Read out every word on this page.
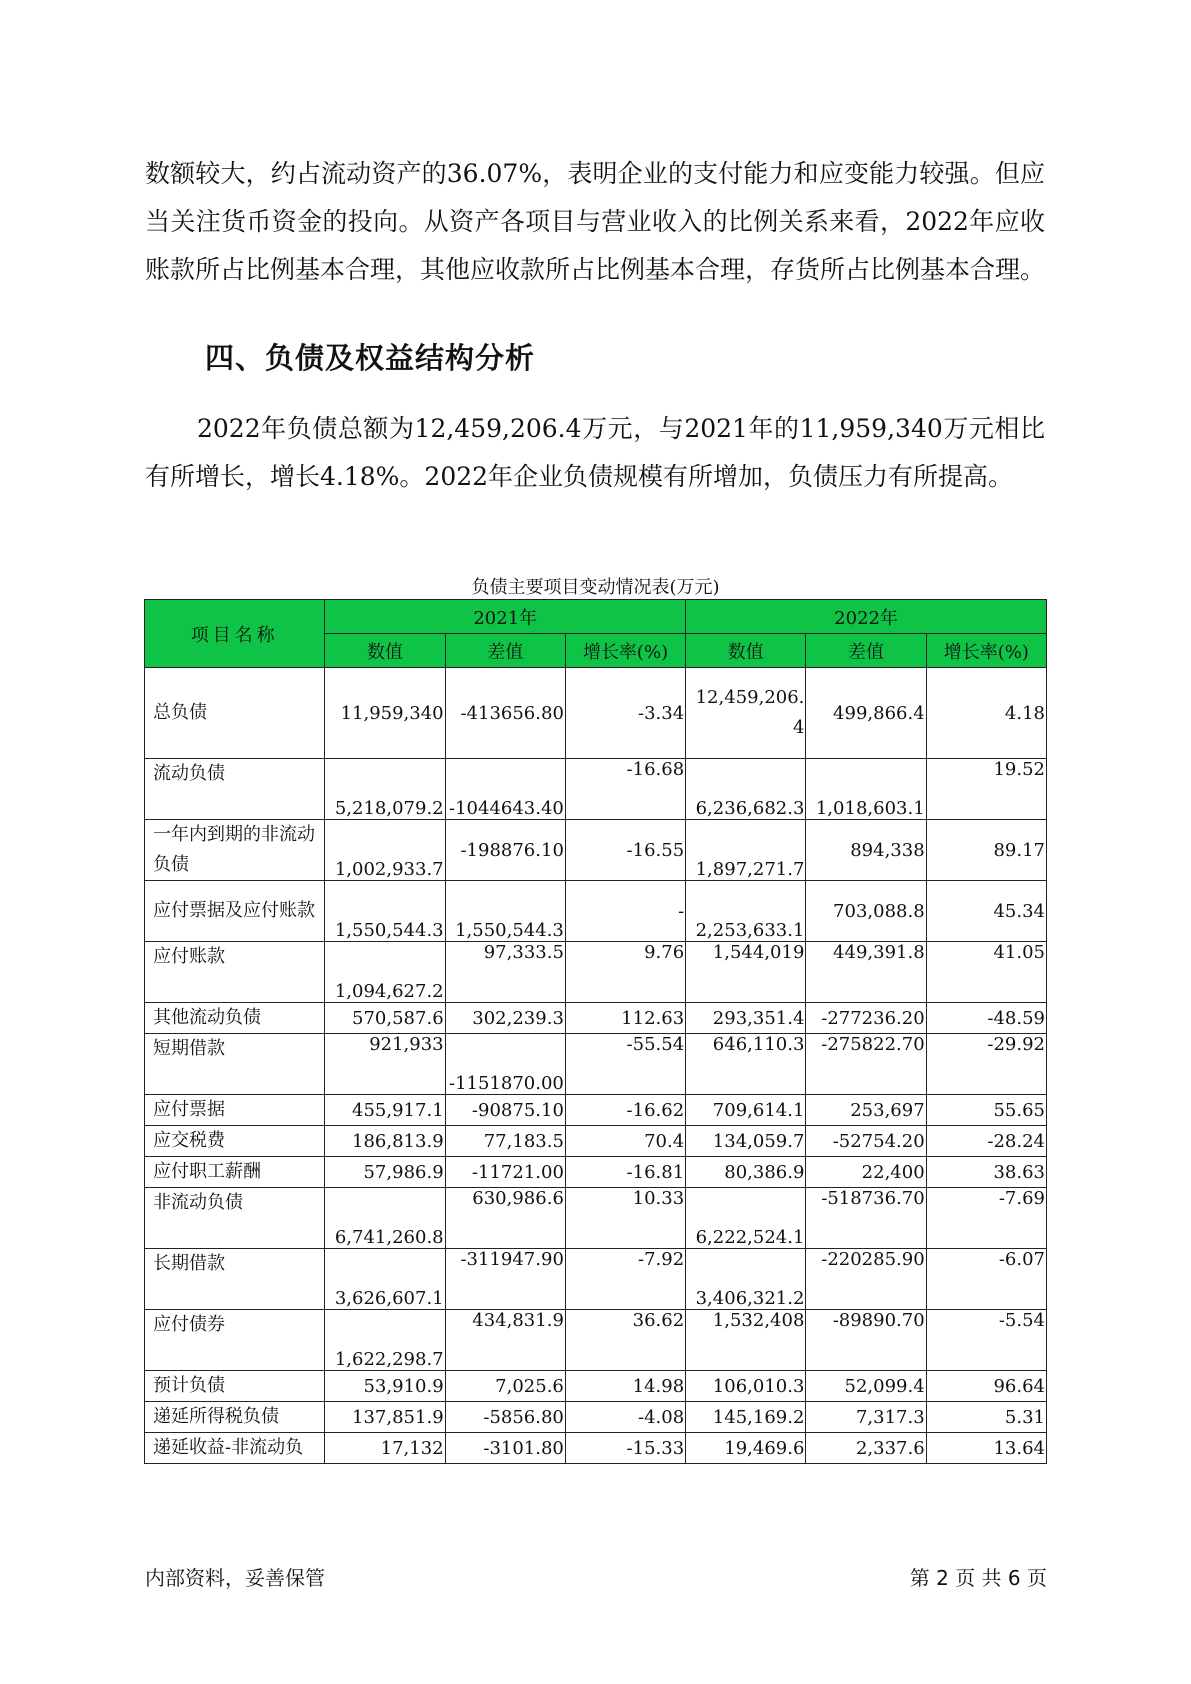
数额较大，约占流动资产的36.07%，表明企业的支付能力和应变能力较强。但应当关注货币资金的投向。从资产各项目与营业收入的比例关系来看，2022年应收账款所占比例基本合理，其他应收款所占比例基本合理，存货所占比例基本合理。

四、负债及权益结构分析

2022年负债总额为12,459,206.4万元，与2021年的11,959,340万元相比有所增长，增长4.18%。2022年企业负债规模有所增加，负债压力有所提高。

负债主要项目变动情况表(万元)

项目名称	2021年			2022年		
	数值	差值	增长率(%)	数值	差值	增长率(%)
总负债	11,959,340	-413656.80	-3.34	12,459,206.4	499,866.4	4.18
流动负债	5,218,079.2	-1044643.40	-16.68	6,236,682.3	1,018,603.1	19.52
一年内到期的非流动负债	1,002,933.7	-198876.10	-16.55	1,897,271.7	894,338	89.17
应付票据及应付账款	1,550,544.3	1,550,544.3	-	2,253,633.1	703,088.8	45.34
应付账款	1,094,627.2	97,333.5	9.76	1,544,019	449,391.8	41.05
其他流动负债	570,587.6	302,239.3	112.63	293,351.4	-277236.20	-48.59
短期借款	921,933	-1151870.00	-55.54	646,110.3	-275822.70	-29.92
应付票据	455,917.1	-90875.10	-16.62	709,614.1	253,697	55.65
应交税费	186,813.9	77,183.5	70.4	134,059.7	-52754.20	-28.24
应付职工薪酬	57,986.9	-11721.00	-16.81	80,386.9	22,400	38.63
非流动负债	6,741,260.8	630,986.6	10.33	6,222,524.1	-518736.70	-7.69
长期借款	3,626,607.1	-311947.90	-7.92	3,406,321.2	-220285.90	-6.07
应付债券	1,622,298.7	434,831.9	36.62	1,532,408	-89890.70	-5.54
预计负债	53,910.9	7,025.6	14.98	106,010.3	52,099.4	96.64
递延所得税负债	137,851.9	-5856.80	-4.08	145,169.2	7,317.3	5.31
递延收益-非流动负	17,132	-3101.80	-15.33	19,469.6	2,337.6	13.64

内部资料，妥善保管	第 2 页 共 6 页
